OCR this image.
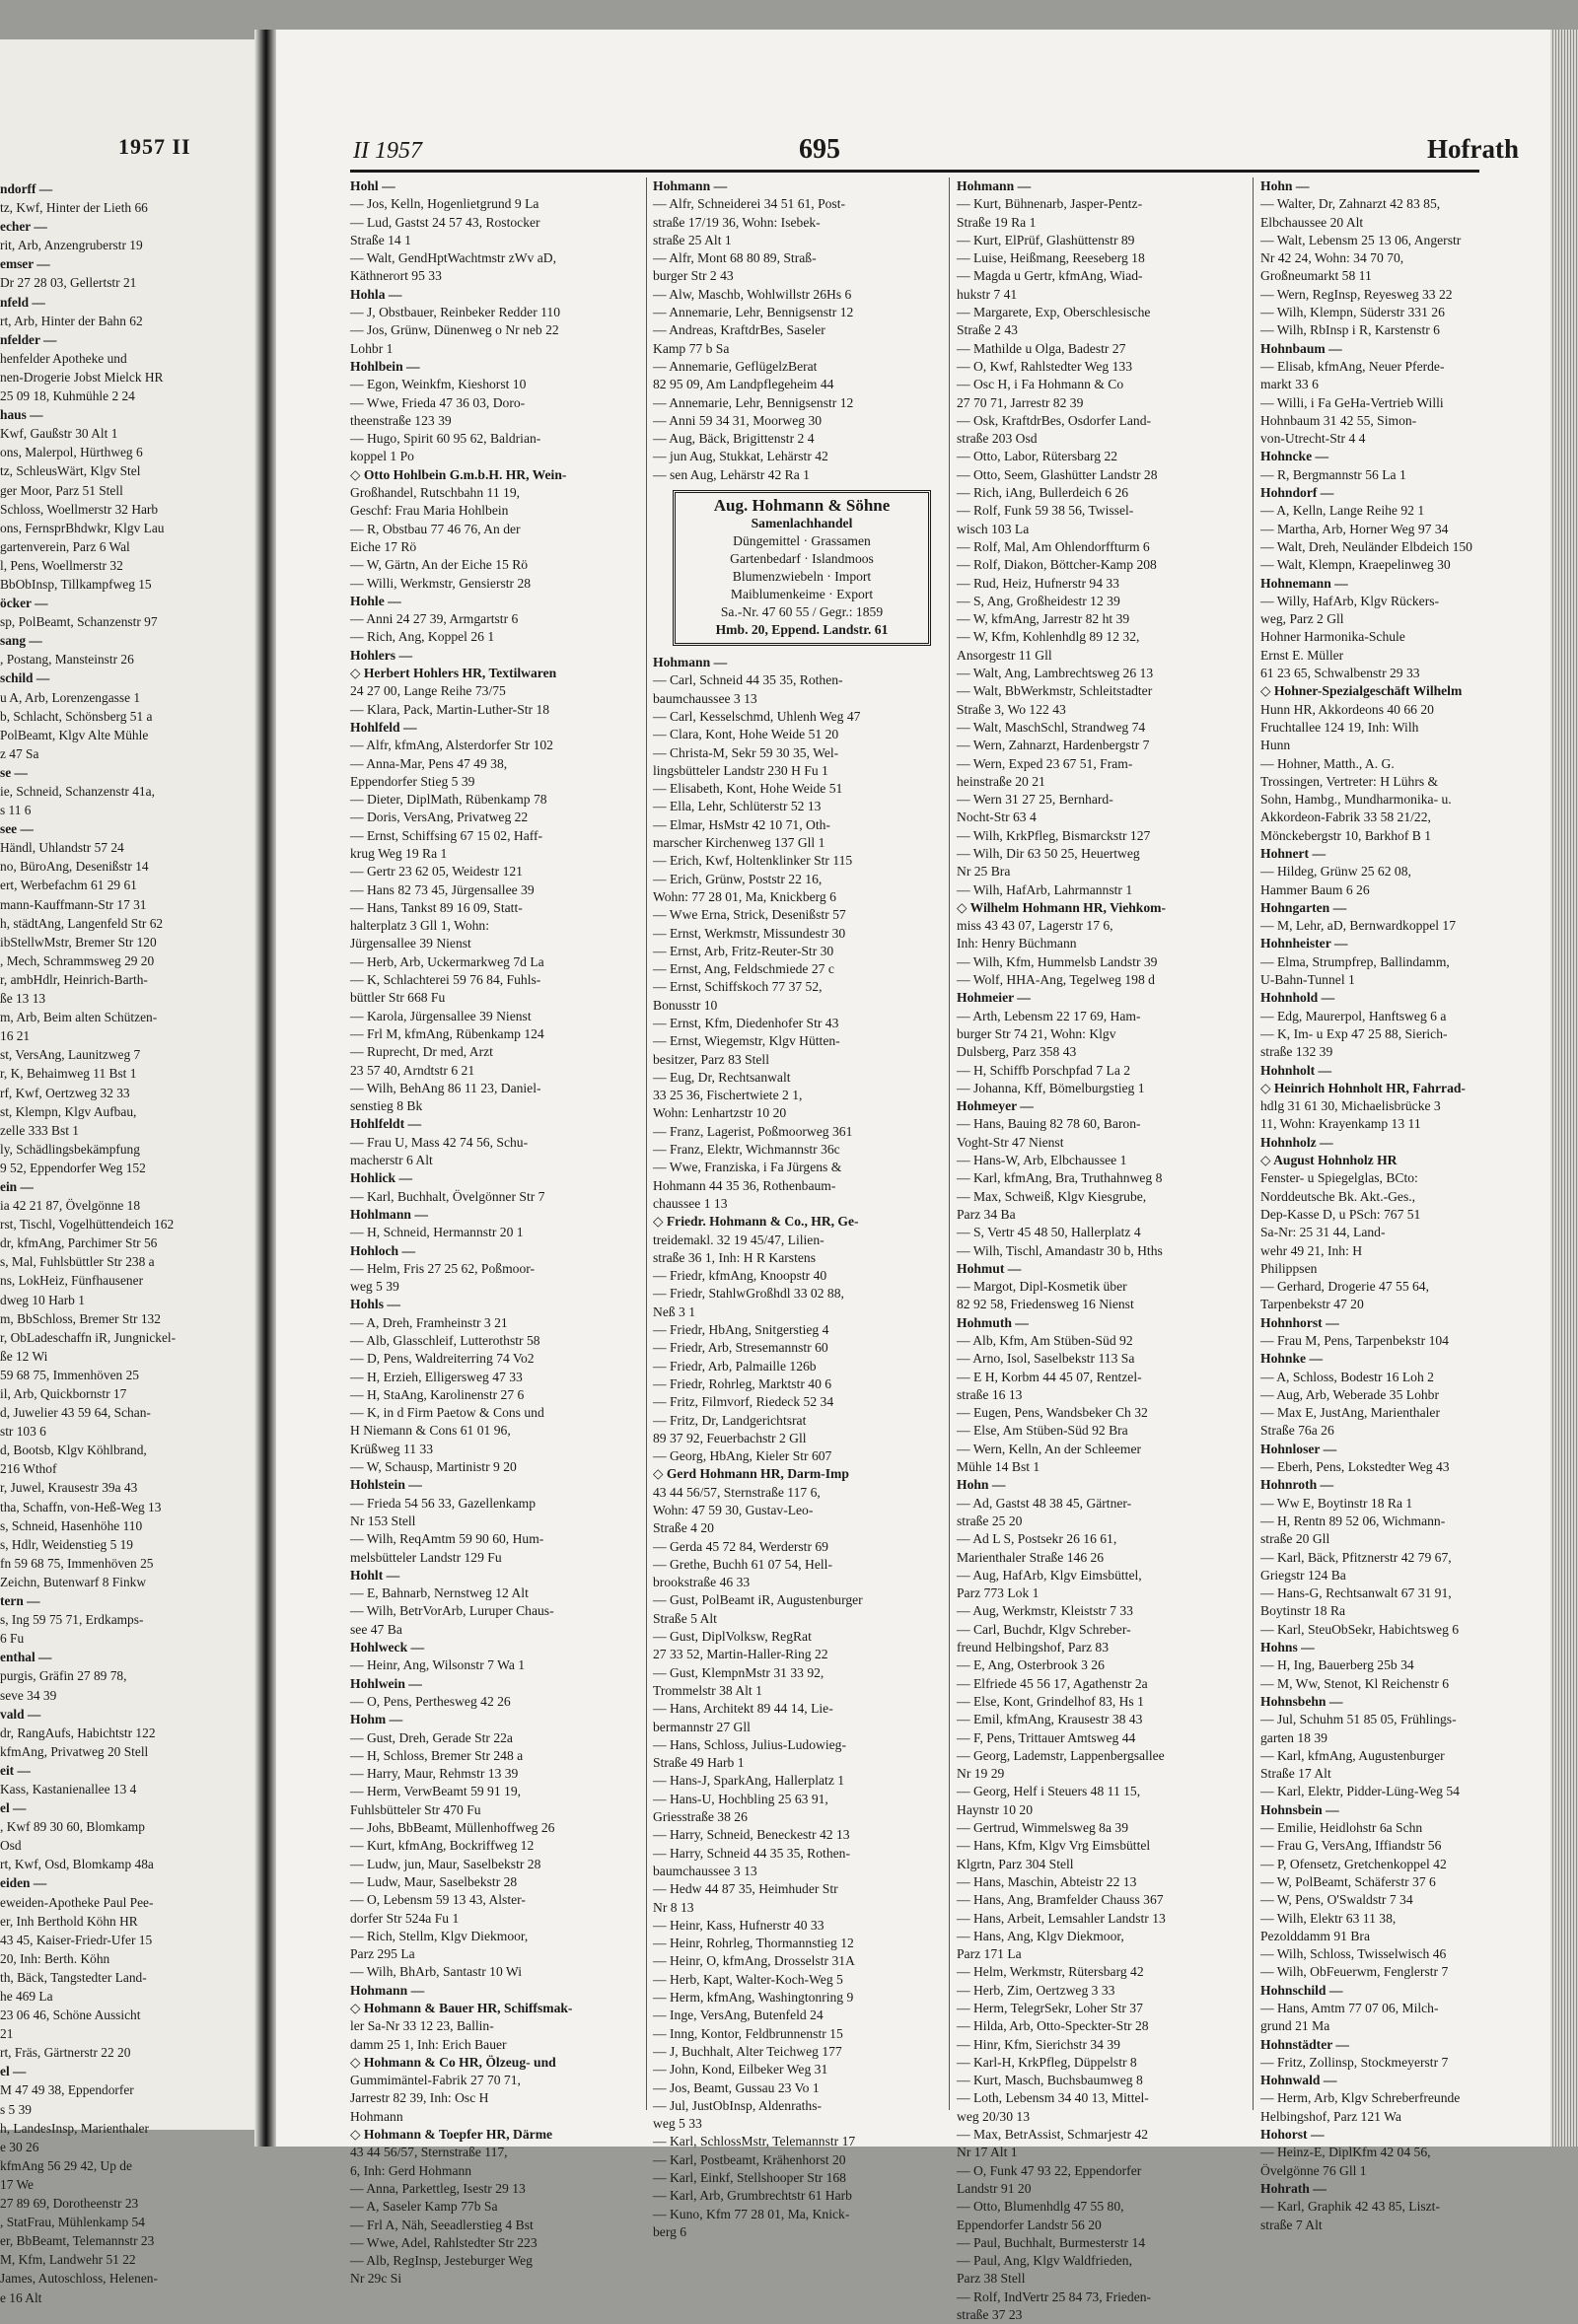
1957 II
ndorff —
tz, Kwf, Hinter der Lieth 66
echer —
rit, Arb, Anzengruberstr 19
emser —
Dr 27 28 03, Gellertstr 21
nfeld —
rt, Arb, Hinter der Bahn 62
nfelder —
henfelder Apotheke und
nen-Drogerie Jobst Mielck HR
25 09 18, Kuhmühle 2 24
haus —
Kwf, Gaußstr 30 Alt 1
ons, Malerpol, Hürthweg 6
tz, SchleusWärt, Klgv Stel
ger Moor, Parz 51 Stell
Schloss, Woellmerstr 32 Harb
ons, FernsprBhdwkr, Klgv Lau
gartenverein, Parz 6 Wal
l, Pens, Woellmerstr 32
BbObInsp, Tillkampfweg 15
öcker —
sp, PolBeamt, Schanzenstr 97
sang —
, Postang, Mansteinstr 26
schild —
u A, Arb, Lorenzengasse 1
b, Schlacht, Schönsberg 51 a
PolBeamt, Klgv Alte Mühle
z 47 Sa
se —
ie, Schneid, Schanzenstr 41a,
s 11 6
see —
Händl, Uhlandstr 57 24
no, BüroAng, Desenißstr 14
ert, Werbefachm 61 29 61
mann-Kauffmann-Str 17 31
h, städtAng, Langenfeld Str 62
ibStellwMstr, Bremer Str 120
, Mech, Schrammsweg 29 20
r, ambHdlr, Heinrich-Barth-
ße 13 13
m, Arb, Beim alten Schützen-
16 21
st, VersAng, Launitzweg 7
r, K, Behaimweg 11 Bst 1
rf, Kwf, Oertzweg 32 33
st, Klempn, Klgv Aufbau,
zelle 333 Bst 1
ly, Schädlingsbekämpfung
9 52, Eppendorfer Weg 152
ein —
ia 42 21 87, Övelgönne 18
rst, Tischl, Vogelhüttendeich 162
dr, kfmAng, Parchimer Str 56
s, Mal, Fuhlsbüttler Str 238 a
ns, LokHeiz, Fünfhausener
dweg 10 Harb 1
m, BbSchloss, Bremer Str 132
r, ObLadeschaffn iR, Jungnickel-
ße 12 Wi
59 68 75, Immenhöven 25
il, Arb, Quickbornstr 17
d, Juwelier 43 59 64, Schan-
str 103 6
d, Bootsb, Klgv Köhlbrand,
216 Wthof
r, Juwel, Krausestr 39a 43
tha, Schaffn, von-Heß-Weg 13
s, Schneid, Hasenhöhe 110
s, Hdlr, Weidenstieg 5 19
fn 59 68 75, Immenhöven 25
Zeichn, Butenwarf 8 Finkw
tern —
s, Ing 59 75 71, Erdkamps-
6 Fu
enthal —
purgis, Gräfin 27 89 78,
seve 34 39
vald —
dr, RangAufs, Habichtstr 122
kfmAng, Privatweg 20 Stell
eit —
Kass, Kastanienallee 13 4
el —
, Kwf 89 30 60, Blomkamp
Osd
rt, Kwf, Osd, Blomkamp 48a
eiden —
eweiden-Apotheke Paul Pee-
er, Inh Berthold Köhn HR
43 45, Kaiser-Friedr-Ufer 15
20, Inh: Berth. Köhn
th, Bäck, Tangstedter Land-
he 469 La
23 06 46, Schöne Aussicht
21
rt, Fräs, Gärtnerstr 22 20
el —
M 47 49 38, Eppendorfer
s 5 39
h, LandesInsp, Marienthaler
e 30 26
kfmAng 56 29 42, Up de
17 We
27 89 69, Dorotheenstr 23
, StatFrau, Mühlenkamp 54
er, BbBeamt, Telemannstr 23
M, Kfm, Landwehr 51 22
James, Autoschloss, Helenen-
e 16 Alt
II 1957	695	Hofrath
Hohl —
— Jos, Kelln, Hogenlietgrund 9 La
— Lud, Gastst 24 57 43, Rostocker
Straße 14 1
— Walt, GendHptWachtmstr zWv aD,
Käthnerort 95 33
Hohla —
— J, Obstbauer, Reinbeker Redder 110
— Jos, Grünw, Dünenweg o Nr neb 22
Lohbr 1
Hohlbein —
— Egon, Weinkfm, Kieshorst 10
— Wwe, Frieda 47 36 03, Doro-
theenstraße 123 39
— Hugo, Spirit 60 95 62, Baldrian-
koppel 1 Po
◇ Otto Hohlbein G.m.b.H. HR, Wein-
Großhandel, Rutschbahn 11 19,
Geschf: Frau Maria Hohlbein
— R, Obstbau 77 46 76, An der
Eiche 17 Rö
— W, Gärtn, An der Eiche 15 Rö
— Willi, Werkmstr, Gensierstr 28
Hohle —
— Anni 24 27 39, Armgartstr 6
— Rich, Ang, Koppel 26 1
Hohlers —
◇ Herbert Hohlers HR, Textilwaren
24 27 00, Lange Reihe 73/75
— Klara, Pack, Martin-Luther-Str 18
Hohlfeld —
— Alfr, kfmAng, Alsterdorfer Str 102
— Anna-Mar, Pens 47 49 38,
Eppendorfer Stieg 5 39
— Dieter, DiplMath, Rübenkamp 78
— Doris, VersAng, Privatweg 22
— Ernst, Schiffsing 67 15 02, Haff-
krug Weg 19 Ra 1
— Gertr 23 62 05, Weidestr 121
— Hans 82 73 45, Jürgensallee 39
— Hans, Tankst 89 16 09, Statt-
halterplatz 3 Gll 1, Wohn:
Jürgensallee 39 Nienst
— Herb, Arb, Uckermarkweg 7d La
— K, Schlachterei 59 76 84, Fuhls-
büttler Str 668 Fu
— Karola, Jürgensallee 39 Nienst
— Frl M, kfmAng, Rübenkamp 124
— Ruprecht, Dr med, Arzt
23 57 40, Arndtstr 6 21
— Wilh, BehAng 86 11 23, Daniel-
senstieg 8 Bk
Hohlfeldt —
— Frau U, Mass 42 74 56, Schu-
macherstr 6 Alt
Hohlick —
— Karl, Buchhalt, Övelgönner Str 7
Hohlmann —
— H, Schneid, Hermannstr 20 1
Hohloch —
— Helm, Fris 27 25 62, Poßmoor-
weg 5 39
Hohls —
— A, Dreh, Framheinstr 3 21
— Alb, Glasschleif, Lutterothstr 58
— D, Pens, Waldreiterring 74 Vo2
— H, Erzieh, Elligersweg 47 33
— H, StaAng, Karolinenstr 27 6
— K, in d Firm Paetow & Cons und
H Niemann & Cons 61 01 96,
Krüßweg 11 33
— W, Schausp, Martinistr 9 20
Hohlstein —
— Frieda 54 56 33, Gazellenkamp
Nr 153 Stell
— Wilh, ReqAmtm 59 90 60, Hum-
melsbütteler Landstr 129 Fu
Hohlt —
— E, Bahnarb, Nernstweg 12 Alt
— Wilh, BetrVorArb, Luruper Chaus-
see 47 Ba
Hohlweck —
— Heinr, Ang, Wilsonstr 7 Wa 1
Hohlwein —
— O, Pens, Perthesweg 42 26
Hohm —
— Gust, Dreh, Gerade Str 22a
— H, Schloss, Bremer Str 248 a
— Harry, Maur, Rehmstr 13 39
— Herm, VerwBeamt 59 91 19,
Fuhlsbütteler Str 470 Fu
— Johs, BbBeamt, Müllenhoffweg 26
— Kurt, kfmAng, Bockriffweg 12
— Ludw, jun, Maur, Saselbekstr 28
— Ludw, Maur, Saselbekstr 28
— O, Lebensm 59 13 43, Alster-
dorfer Str 524a Fu 1
— Rich, Stellm, Klgv Diekmoor,
Parz 295 La
— Wilh, BhArb, Santastr 10 Wi
Hohmann —
◇ Hohmann & Bauer HR, Schiffsmak-
ler Sa-Nr 33 12 23, Ballin-
damm 25 1, Inh: Erich Bauer
◇ Hohmann & Co HR, Ölzeug- und
Gummimäntel-Fabrik 27 70 71,
Jarrestr 82 39, Inh: Osc H
Hohmann
◇ Hohmann & Toepfer HR, Därme
43 44 56/57, Sternstraße 117,
6, Inh: Gerd Hohmann
— Anna, Parkettleg, Isestr 29 13
— A, Saseler Kamp 77b Sa
— Frl A, Näh, Seeadlerstieg 4 Bst
— Wwe, Adel, Rahlstedter Str 223
— Alb, RegInsp, Jesteburger Weg
Nr 29c Si
Hohmann —
— Alfr, Schneiderei 34 51 61, Post-
straße 17/19 36, Wohn: Isebek-
straße 25 Alt 1
— Alfr, Mont 68 80 89, Straß-
burger Str 2 43
— Alw, Maschb, Wohlwillstr 26Hs 6
— Annemarie, Lehr, Bennigsenstr 12
— Andreas, KraftdrBes, Saseler
Kamp 77 b Sa
— Annemarie, GeflügelzBerat
82 95 09, Am Landpflegeheim 44
— Annemarie, Lehr, Bennigsenstr 12
— Anni 59 34 31, Moorweg 30
— Aug, Bäck, Brigittenstr 2 4
— jun Aug, Stukkat, Lehärstr 42
— sen Aug, Lehärstr 42 Ra 1
Aug. Hohmann & Söhne
Samenlachhandel
Düngemittel · Grassamen
Gartenbedarf · Islandmoos
Blumenzwiebeln · Import
Maiblumenkeime · Export
Sa.-Nr. 47 60 55 / Gegr.: 1859
Hmb. 20, Eppend. Landstr. 61
Hohmann —
— Carl, Schneid 44 35 35, Rothen-
baumchaussee 3 13
— Carl, Kesselschmd, Uhlenh Weg 47
— Clara, Kont, Hohe Weide 51 20
— Christa-M, Sekr 59 30 35, Wel-
lingsbütteler Landstr 230 H Fu 1
— Elisabeth, Kont, Hohe Weide 51
— Ella, Lehr, Schlüterstr 52 13
— Elmar, HsMstr 42 10 71, Oth-
marscher Kirchenweg 137 Gll 1
— Erich, Kwf, Holtenklinker Str 115
— Erich, Grünw, Poststr 22 16,
Wohn: 77 28 01, Ma, Knickberg 6
— Wwe Erna, Strick, Desenißstr 57
— Ernst, Werkmstr, Missundestr 30
— Ernst, Arb, Fritz-Reuter-Str 30
— Ernst, Ang, Feldschmiede 27 c
— Ernst, Schiffskoch 77 37 52,
Bonusstr 10
— Ernst, Kfm, Diedenhofer Str 43
— Ernst, Wiegemstr, Klgv Hütten-
besitzer, Parz 83 Stell
— Eug, Dr, Rechtsanwalt
33 25 36, Fischertwiete 2 1,
Wohn: Lenhartzstr 10 20
— Franz, Lagerist, Poßmoorweg 361
— Franz, Elektr, Wichmannstr 36c
— Wwe, Franziska, i Fa Jürgens &
Hohmann 44 35 36, Rothenbaum-
chaussee 1 13
◇ Friedr. Hohmann & Co., HR, Ge-
treidemakl. 32 19 45/47, Lilien-
straße 36 1, Inh: H R Karstens
— Friedr, kfmAng, Knoopstr 40
— Friedr, StahlwGroßhdl 33 02 88,
Neß 3 1
— Friedr, HbAng, Snitgerstieg 4
— Friedr, Arb, Stresemannstr 60
— Friedr, Arb, Palmaille 126b
— Friedr, Rohrleg, Marktstr 40 6
— Fritz, Filmvorf, Riedeck 52 34
— Fritz, Dr, Landgerichtsrat
89 37 92, Feuerbachstr 2 Gll
— Georg, HbAng, Kieler Str 607
◇ Gerd Hohmann HR, Darm-Imp
43 44 56/57, Sternstraße 117 6,
Wohn: 47 59 30, Gustav-Leo-
Straße 4 20
— Gerda 45 72 84, Werderstr 69
— Grethe, Buchh 61 07 54, Hell-
brookstraße 46 33
— Gust, PolBeamt iR, Augustenburger
Straße 5 Alt
— Gust, DiplVolksw, RegRat
27 33 52, Martin-Haller-Ring 22
— Gust, KlempnMstr 31 33 92,
Trommelstr 38 Alt 1
— Hans, Architekt 89 44 14, Lie-
bermannstr 27 Gll
— Hans, Schloss, Julius-Ludowieg-
Straße 49 Harb 1
— Hans-J, SparkAng, Hallerplatz 1
— Hans-U, Hochbling 25 63 91,
Griesstraße 38 26
— Harry, Schneid, Beneckestr 42 13
— Harry, Schneid 44 35 35, Rothen-
baumchaussee 3 13
— Hedw 44 87 35, Heimhuder Str
Nr 8 13
— Heinr, Kass, Hufnerstr 40 33
— Heinr, Rohrleg, Thormannstieg 12
— Heinr, O, kfmAng, Drosselstr 31A
— Herb, Kapt, Walter-Koch-Weg 5
— Herm, kfmAng, Washingtonring 9
— Inge, VersAng, Butenfeld 24
— Inng, Kontor, Feldbrunnenstr 15
— J, Buchhalt, Alter Teichweg 177
— John, Kond, Eilbeker Weg 31
— Jos, Beamt, Gussau 23 Vo 1
— Jul, JustObInsp, Aldenraths-
weg 5 33
— Karl, SchlossMstr, Telemannstr 17
— Karl, Postbeamt, Krähenhorst 20
— Karl, Einkf, Stellshooper Str 168
— Karl, Arb, Grumbrechtstr 61 Harb
— Kuno, Kfm 77 28 01, Ma, Knick-
berg 6
Hohmann —
— Kurt, Bühnenarb, Jasper-Pentz-
Straße 19 Ra 1
— Kurt, ElPrüf, Glashüttenstr 89
— Luise, Heißmang, Reeseberg 18
— Magda u Gertr, kfmAng, Wiad-
hukstr 7 41
— Margarete, Exp, Oberschlesische
Straße 2 43
— Mathilde u Olga, Badestr 27
— O, Kwf, Rahlstedter Weg 133
— Osc H, i Fa Hohmann & Co
27 70 71, Jarrestr 82 39
— Osk, KraftdrBes, Osdorfer Land-
straße 203 Osd
— Otto, Labor, Rütersbarg 22
— Otto, Seem, Glashütter Landstr 28
— Rich, iAng, Bullerdeich 6 26
— Rolf, Funk 59 38 56, Twissel-
wisch 103 La
— Rolf, Mal, Am Ohlendorffturm 6
— Rolf, Diakon, Böttcher-Kamp 208
— Rud, Heiz, Hufnerstr 94 33
— S, Ang, Großheidestr 12 39
— W, kfmAng, Jarrestr 82 ht 39
— W, Kfm, Kohlenhdlg 89 12 32,
Ansorgestr 11 Gll
— Walt, Ang, Lambrechtsweg 26 13
— Walt, BbWerkmstr, Schleitstadter
Straße 3, Wo 122 43
— Walt, MaschSchl, Strandweg 74
— Wern, Zahnarzt, Hardenbergstr 7
— Wern, Exped 23 67 51, Fram-
heinstraße 20 21
— Wern 31 27 25, Bernhard-
Nocht-Str 63 4
— Wilh, KrkPfleg, Bismarckstr 127
— Wilh, Dir 63 50 25, Heuertweg
Nr 25 Bra
— Wilh, HafArb, Lahrmannstr 1
◇ Wilhelm Hohmann HR, Viehkom-
miss 43 43 07, Lagerstr 17 6,
Inh: Henry Büchmann
— Wilh, Kfm, Hummelsb Landstr 39
— Wolf, HHA-Ang, Tegelweg 198 d
Hohmeier —
— Arth, Lebensm 22 17 69, Ham-
burger Str 74 21, Wohn: Klgv
Dulsberg, Parz 358 43
— H, Schiffb Porschpfad 7 La 2
— Johanna, Kff, Bömelburgstieg 1
Hohmeyer —
— Hans, Bauing 82 78 60, Baron-
Voght-Str 47 Nienst
— Hans-W, Arb, Elbchaussee 1
— Karl, kfmAng, Bra, Truthahnweg 8
— Max, Schweiß, Klgv Kiesgrube,
Parz 34 Ba
— S, Vertr 45 48 50, Hallerplatz 4
— Wilh, Tischl, Amandastr 30 b, Hths
Hohmut —
— Margot, Dipl-Kosmetik über
82 92 58, Friedensweg 16 Nienst
Hohmuth —
— Alb, Kfm, Am Stüben-Süd 92
— Arno, Isol, Saselbekstr 113 Sa
— E H, Korbm 44 45 07, Rentzel-
straße 16 13
— Eugen, Pens, Wandsbeker Ch 32
— Else, Am Stüben-Süd 92 Bra
— Wern, Kelln, An der Schleemer
Mühle 14 Bst 1
Hohn —
— Ad, Gastst 48 38 45, Gärtner-
straße 25 20
— Ad L S, Postsekr 26 16 61,
Marienthaler Straße 146 26
— Aug, HafArb, Klgv Eimsbüttel,
Parz 773 Lok 1
— Aug, Werkmstr, Kleiststr 7 33
— Carl, Buchdr, Klgv Schreber-
freund Helbingshof, Parz 83
— E, Ang, Osterbrook 3 26
— Elfriede 45 56 17, Agathenstr 2a
— Else, Kont, Grindelhof 83, Hs 1
— Emil, kfmAng, Krausestr 38 43
— F, Pens, Trittauer Amtsweg 44
— Georg, Lademstr, Lappenbergsallee
Nr 19 29
— Georg, Helf i Steuers 48 11 15,
Haynstr 10 20
— Gertrud, Wimmelsweg 8a 39
— Hans, Kfm, Klgv Vrg Eimsbüttel
Klgrtn, Parz 304 Stell
— Hans, Maschin, Abteistr 22 13
— Hans, Ang, Bramfelder Chauss 367
— Hans, Arbeit, Lemsahler Landstr 13
— Hans, Ang, Klgv Diekmoor,
Parz 171 La
— Helm, Werkmstr, Rütersbarg 42
— Herb, Zim, Oertzweg 3 33
— Herm, TelegrSekr, Loher Str 37
— Hilda, Arb, Otto-Speckter-Str 28
— Hinr, Kfm, Sierichstr 34 39
— Karl-H, KrkPfleg, Düppelstr 8
— Kurt, Masch, Buchsbaumweg 8
— Loth, Lebensm 34 40 13, Mittel-
weg 20/30 13
— Max, BetrAssist, Schmarjestr 42
Nr 17 Alt 1
— O, Funk 47 93 22, Eppendorfer
Landstr 91 20
— Otto, Blumenhdlg 47 55 80,
Eppendorfer Landstr 56 20
— Paul, Buchhalt, Burmesterstr 14
— Paul, Ang, Klgv Waldfrieden,
Parz 38 Stell
— Rolf, IndVertr 25 84 73, Frieden-
straße 37 23
Hohn —
— Walter, Dr, Zahnarzt 42 83 85,
Elbchaussee 20 Alt
— Walt, Lebensm 25 13 06, Angerstr
Nr 42 24, Wohn: 34 70 70,
Großneumarkt 58 11
— Wern, RegInsp, Reyesweg 33 22
— Wilh, Klempn, Süderstr 331 26
— Wilh, RbInsp i R, Karstenstr 6
Hohnbaum —
— Elisab, kfmAng, Neuer Pferde-
markt 33 6
— Willi, i Fa GeHa-Vertrieb Willi
Hohnbaum 31 42 55, Simon-
von-Utrecht-Str 4 4
Hohncke —
— R, Bergmannstr 56 La 1
Hohndorf —
— A, Kelln, Lange Reihe 92 1
— Martha, Arb, Horner Weg 97 34
— Walt, Dreh, Neuländer Elbdeich 150
— Walt, Klempn, Kraepelinweg 30
Hohnemann —
— Willy, HafArb, Klgv Rückers-
weg, Parz 2 Gll
Hohner Harmonika-Schule
Ernst E. Müller
61 23 65, Schwalbenstr 29 33
◇ Hohner-Spezialgeschäft Wilhelm
Hunn HR, Akkordeons 40 66 20
Fruchtallee 124 19, Inh: Wilh
Hunn
— Hohner, Matth., A. G.
Trossingen, Vertreter: H Lührs &
Sohn, Hambg., Mundharmonika- u.
Akkordeon-Fabrik 33 58 21/22,
Mönckebergstr 10, Barkhof B 1
Hohnert —
— Hildeg, Grünw 25 62 08,
Hammer Baum 6 26
Hohngarten —
— M, Lehr, aD, Bernwardkoppel 17
Hohnheister —
— Elma, Strumpfrep, Ballindamm,
U-Bahn-Tunnel 1
Hohnhold —
— Edg, Maurerpol, Hanftsweg 6 a
— K, Im- u Exp 47 25 88, Sierich-
straße 132 39
Hohnholt —
◇ Heinrich Hohnholt HR, Fahrrad-
hdlg 31 61 30, Michaelisbrücke 3
11, Wohn: Krayenkamp 13 11
Hohnholz —
◇ August Hohnholz HR
Fenster- u Spiegelglas, BCto:
Norddeutsche Bk. Akt.-Ges.,
Dep-Kasse D, u PSch: 767 51
Sa-Nr: 25 31 44, Land-
wehr 49 21, Inh: H
Philippsen
— Gerhard, Drogerie 47 55 64,
Tarpenbekstr 47 20
Hohnhorst —
— Frau M, Pens, Tarpenbekstr 104
Hohnke —
— A, Schloss, Bodestr 16 Loh 2
— Aug, Arb, Weberade 35 Lohbr
— Max E, JustAng, Marienthaler
Straße 76a 26
Hohnloser —
— Eberh, Pens, Lokstedter Weg 43
Hohnroth —
— Ww E, Boytinstr 18 Ra 1
— H, Rentn 89 52 06, Wichmann-
straße 20 Gll
— Karl, Bäck, Pfitznerstr 42 79 67,
Griegstr 124 Ba
— Hans-G, Rechtsanwalt 67 31 91,
Boytinstr 18 Ra
— Karl, SteuObSekr, Habichtsweg 6
Hohns —
— H, Ing, Bauerberg 25b 34
— M, Ww, Stenot, Kl Reichenstr 6
Hohnsbehn —
— Jul, Schuhm 51 85 05, Frühlings-
garten 18 39
— Karl, kfmAng, Augustenburger
Straße 17 Alt
— Karl, Elektr, Pidder-Lüng-Weg 54
Hohnsbein —
— Emilie, Heidlohstr 6a Schn
— Frau G, VersAng, Iffiandstr 56
— P, Ofensetz, Gretchenkoppel 42
— W, PolBeamt, Schäferstr 37 6
— W, Pens, O'Swaldstr 7 34
— Wilh, Elektr 63 11 38,
Pezolddamm 91 Bra
— Wilh, Schloss, Twisselwisch 46
— Wilh, ObFeuerwm, Fenglerstr 7
Hohnschild —
— Hans, Amtm 77 07 06, Milch-
grund 21 Ma
Hohnstädter —
— Fritz, Zollinsp, Stockmeyerstr 7
Hohnwald —
— Herm, Arb, Klgv Schreberfreunde
Helbingshof, Parz 121 Wa
Hohorst —
— Heinz-E, DiplKfm 42 04 56,
Övelgönne 76 Gll 1
Hohrath —
— Karl, Graphik 42 43 85, Liszt-
straße 7 Alt
